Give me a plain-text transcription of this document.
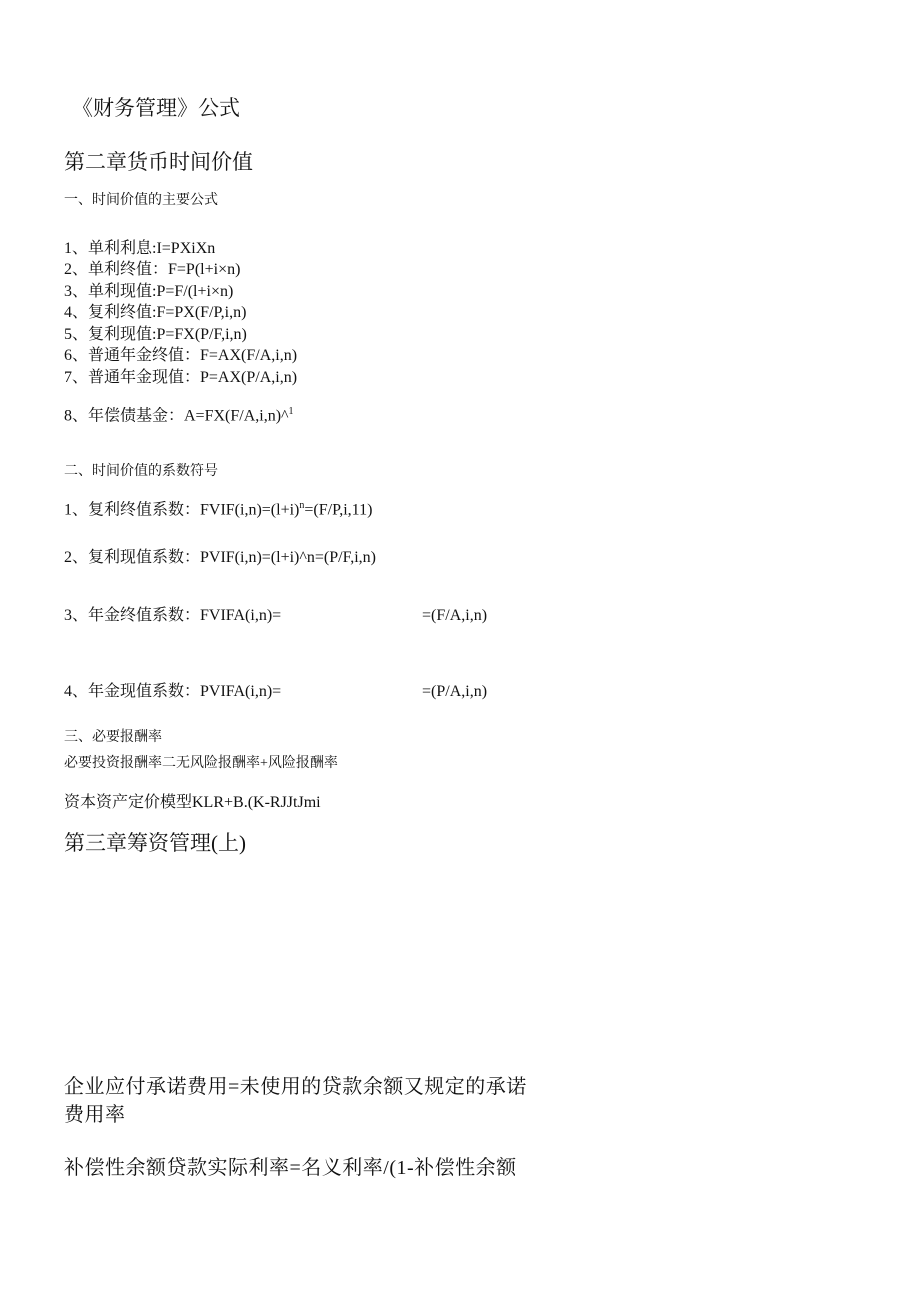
《财务管理》公式
第二章货币时间价值
一、时间价值的主要公式
1、单利利息:I=PXiXn
2、单利终值：F=P(l+i×n)
3、单利现值:P=F/(l+i×n)
4、复利终值:F=PX(F/P,i,n)
5、复利现值:P=FX(P/F,i,n)
6、普通年金终值：F=AX(F/A,i,n)
7、普通年金现值：P=AX(P/A,i,n)
8、年偿债基金：A=FX(F/A,i,n)^$^1$
二、时间价值的系数符号
1、复利终值系数：$FVIF(i,n)=(l+i)^n=(F/P,i,11)$
2、复利现值系数：PVIF(i,n)=(l+i)^n=(P/F,i,n)
3、年金终值系数：FVIFA(i,n)=	=(F/A,i,n)
4、年金现值系数：PVIFA(i,n)=	=(P/A,i,n)
三、必要报酬率
必要投资报酬率二无风险报酬率+风险报酬率
资本资产定价模型KLR+B.(K-RJJtJmi
第三章筹资管理(上)
企业应付承诺费用=未使用的贷款余额又规定的承诺
费用率
补偿性余额贷款实际利率=名义利率/(1-补偿性余额
